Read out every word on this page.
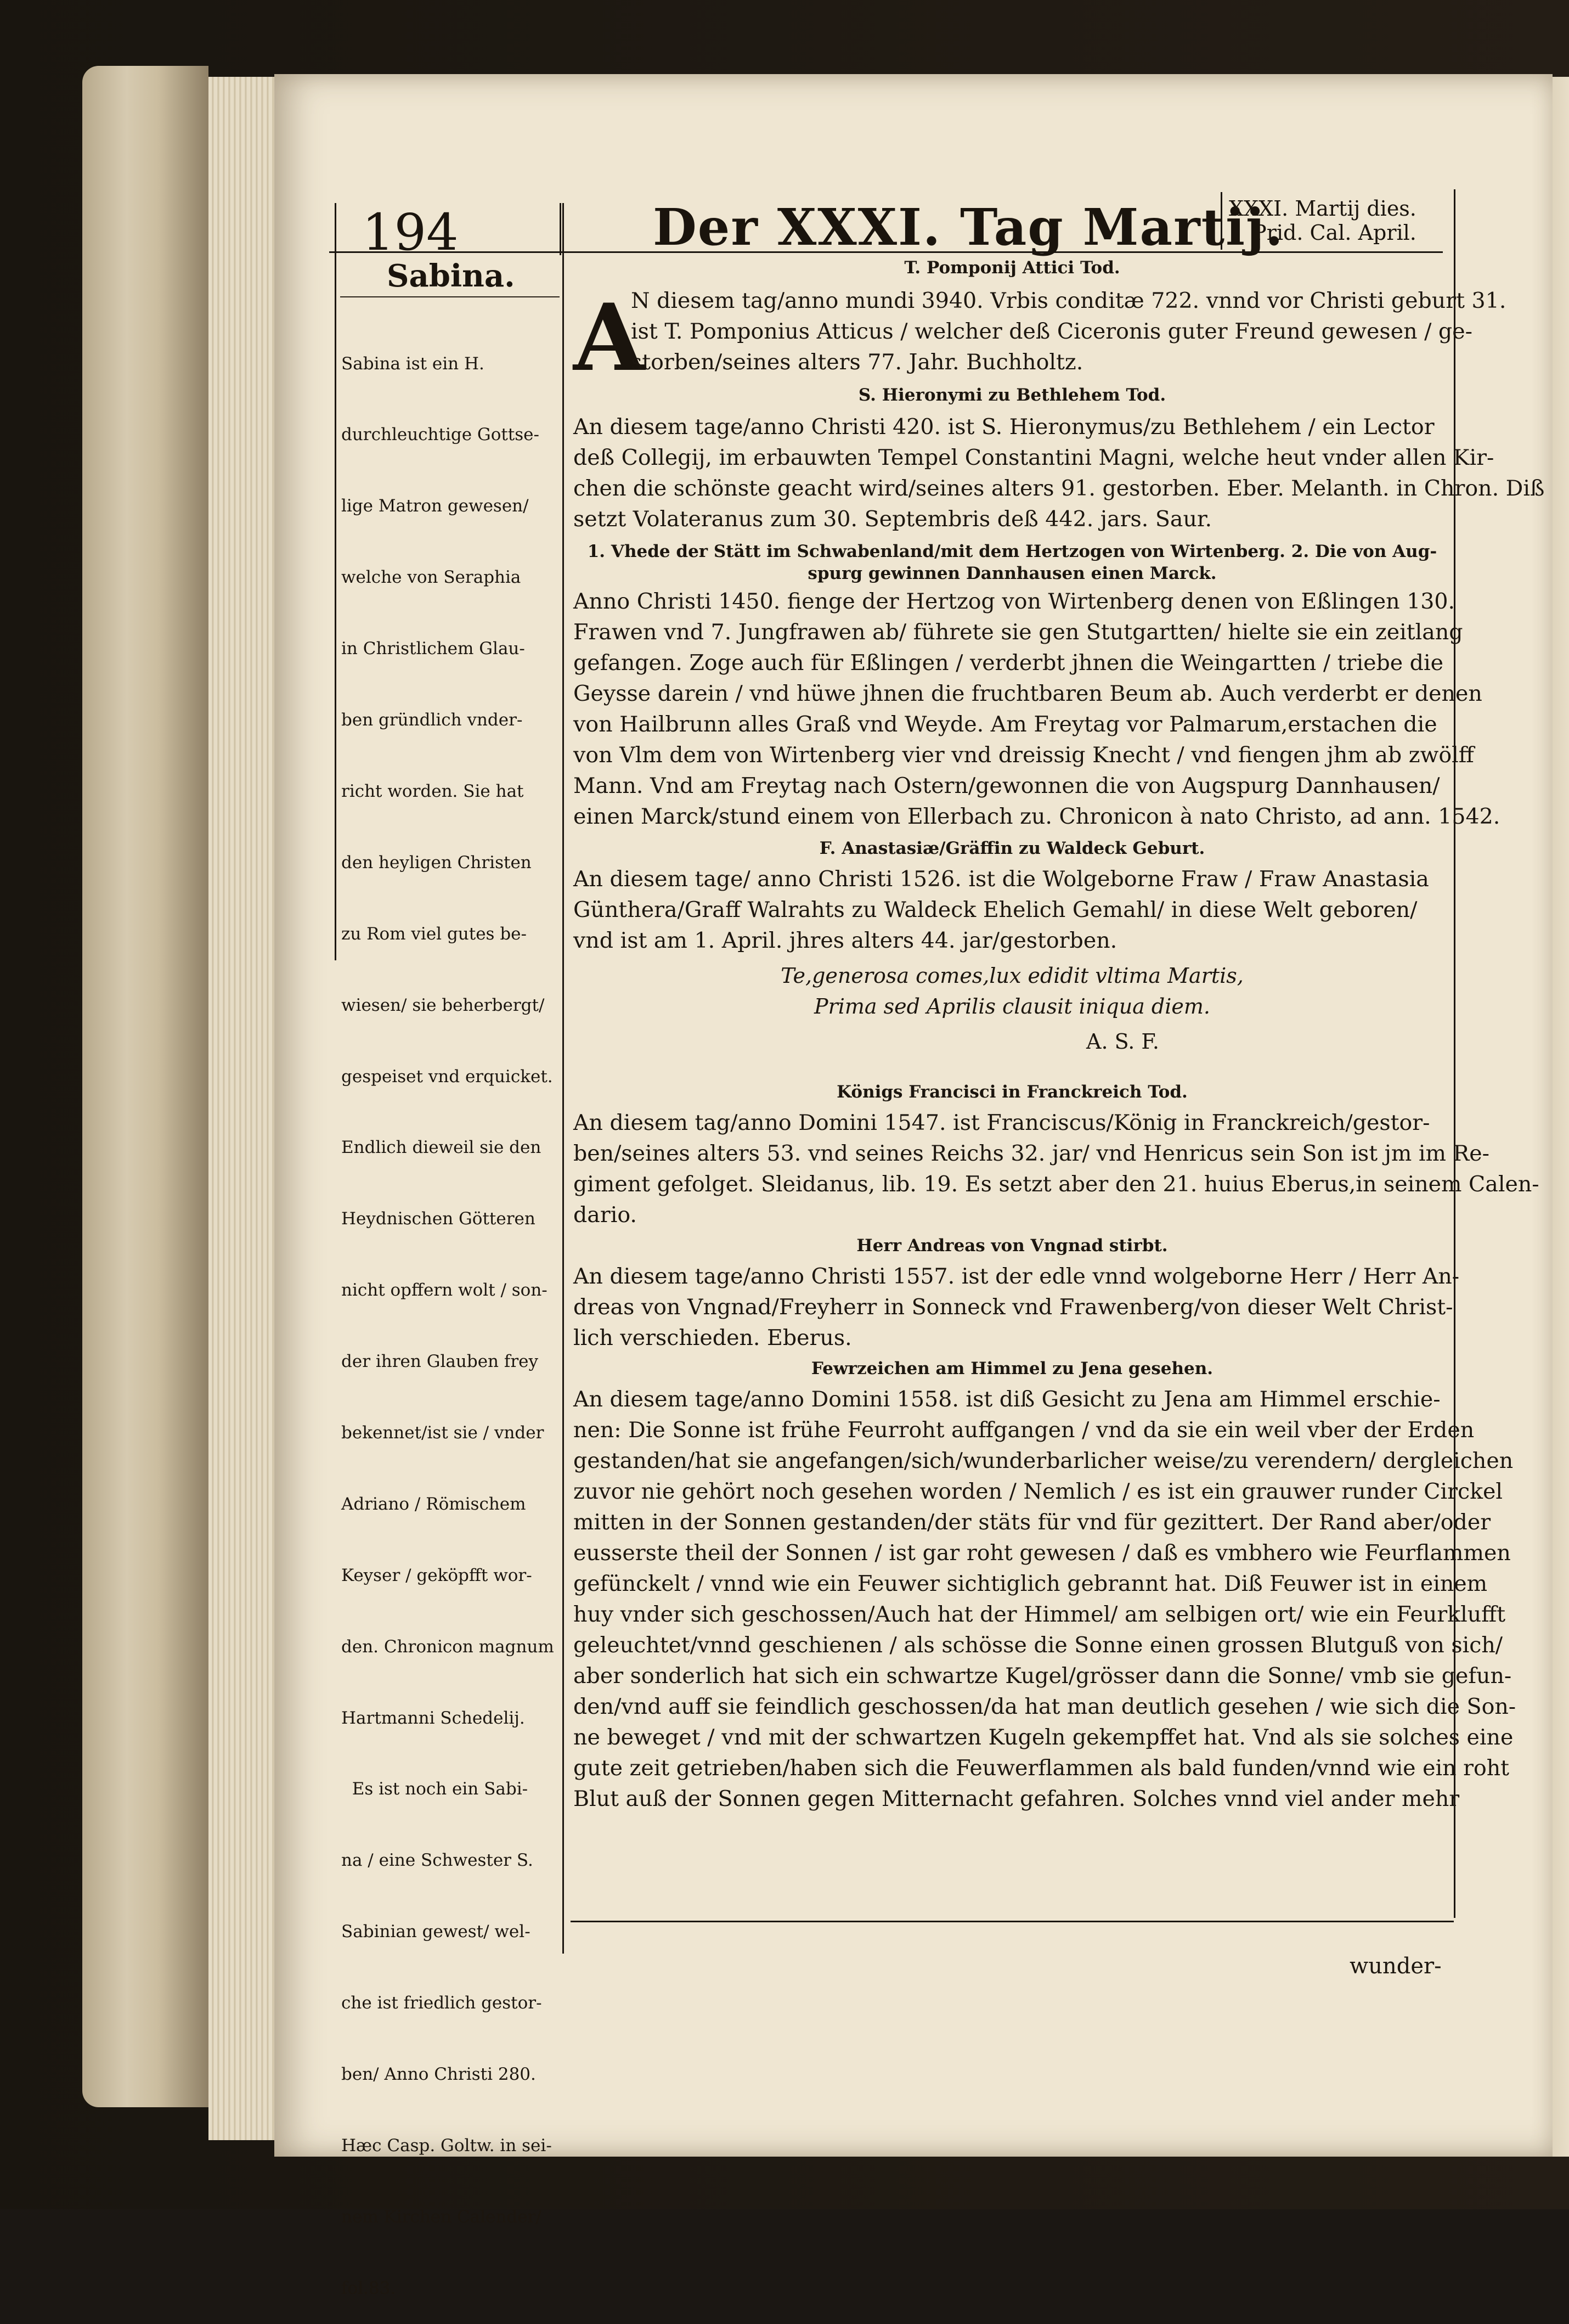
194	Der XXXI. Tag Martij.
XXXI. Martij dies.
Prid. Cal. April.
Sabina.

Sabina ist ein H.

durchleuchtige Gottse-

lige Matron gewesen/

welche von Seraphia

in Christlichem Glau-

ben gründlich vnder-

richt worden. Sie hat

den heyligen Christen

zu Rom viel gutes be-

wiesen/ sie beherbergt/

gespeiset vnd erquicket.

Endlich dieweil sie den

Heydnischen Götteren

nicht opffern wolt / son-

der ihren Glauben frey

bekennet/ist sie / vnder

Adriano / Römischem

Keyser / geköpfft wor-

den. Chronicon magnum

Hartmanni Schedelij.

Es ist noch ein Sabi-

na / eine Schwester S.

Sabinian gewest/ wel-

che ist friedlich gestor-

ben/ Anno Christi 280.

Hæc Casp. Goltw. in sei-

nem Kirchen Calender/

fol.83.

A
T. Pomponij Attici Tod.
N diesem tag/anno mundi 3940. Vrbis conditæ 722. vnnd vor Christi geburt 31.
ist T. Pomponius Atticus / welcher deß Ciceronis guter Freund gewesen / ge-
storben/seines alters 77. Jahr. Buchholtz.
S. Hieronymi zu Bethlehem Tod.
An diesem tage/anno Christi 420. ist S. Hieronymus/zu Bethlehem / ein Lector
deß Collegij, im erbauwten Tempel Constantini Magni, welche heut vnder allen Kir-
chen die schönste geacht wird/seines alters 91. gestorben. Eber. Melanth. in Chron. Diß
setzt Volateranus zum 30. Septembris deß 442. jars. Saur.
1. Vhede der Stätt im Schwabenland/mit dem Hertzogen von Wirtenberg. 2. Die von Aug-
spurg gewinnen Dannhausen einen Marck.
Anno Christi 1450. fienge der Hertzog von Wirtenberg denen von Eßlingen 130.
Frawen vnd 7. Jungfrawen ab/ führete sie gen Stutgartten/ hielte sie ein zeitlang
gefangen. Zoge auch für Eßlingen / verderbt jhnen die Weingartten / triebe die
Geysse darein / vnd hüwe jhnen die fruchtbaren Beum ab. Auch verderbt er denen
von Hailbrunn alles Graß vnd Weyde. Am Freytag vor Palmarum,erstachen die
von Vlm dem von Wirtenberg vier vnd dreissig Knecht / vnd fiengen jhm ab zwölff
Mann. Vnd am Freytag nach Ostern/gewonnen die von Augspurg Dannhausen/
einen Marck/stund einem von Ellerbach zu. Chronicon à nato Christo, ad ann. 1542.
F. Anastasiæ/Gräffin zu Waldeck Geburt.
An diesem tage/ anno Christi 1526. ist die Wolgeborne Fraw / Fraw Anastasia
Günthera/Graff Walrahts zu Waldeck Ehelich Gemahl/ in diese Welt geboren/
vnd ist am 1. April. jhres alters 44. jar/gestorben.
Te,generosa comes,lux edidit vltima Martis,
Prima sed Aprilis clausit iniqua diem.
A. S. F.
Königs Francisci in Franckreich Tod.
An diesem tag/anno Domini 1547. ist Franciscus/König in Franckreich/gestor-
ben/seines alters 53. vnd seines Reichs 32. jar/ vnd Henricus sein Son ist jm im Re-
giment gefolget. Sleidanus, lib. 19. Es setzt aber den 21. huius Eberus,in seinem Calen-
dario.
Herr Andreas von Vngnad stirbt.
An diesem tage/anno Christi 1557. ist der edle vnnd wolgeborne Herr / Herr An-
dreas von Vngnad/Freyherr in Sonneck vnd Frawenberg/von dieser Welt Christ-
lich verschieden. Eberus.
Fewrzeichen am Himmel zu Jena gesehen.
An diesem tage/anno Domini 1558. ist diß Gesicht zu Jena am Himmel erschie-
nen: Die Sonne ist frühe Feurroht auffgangen / vnd da sie ein weil vber der Erden
gestanden/hat sie angefangen/sich/wunderbarlicher weise/zu verendern/ dergleichen
zuvor nie gehört noch gesehen worden / Nemlich / es ist ein grauwer runder Circkel
mitten in der Sonnen gestanden/der stäts für vnd für gezittert. Der Rand aber/oder
eusserste theil der Sonnen / ist gar roht gewesen / daß es vmbhero wie Feurflammen
gefünckelt / vnnd wie ein Feuwer sichtiglich gebrannt hat. Diß Feuwer ist in einem
huy vnder sich geschossen/Auch hat der Himmel/ am selbigen ort/ wie ein Feurklufft
geleuchtet/vnnd geschienen / als schösse die Sonne einen grossen Blutguß von sich/
aber sonderlich hat sich ein schwartze Kugel/grösser dann die Sonne/ vmb sie gefun-
den/vnd auff sie feindlich geschossen/da hat man deutlich gesehen / wie sich die Son-
ne beweget / vnd mit der schwartzen Kugeln gekempffet hat. Vnd als sie solches eine
gute zeit getrieben/haben sich die Feuwerflammen als bald funden/vnnd wie ein roht
Blut auß der Sonnen gegen Mitternacht gefahren. Solches vnnd viel ander mehr
wunder-
